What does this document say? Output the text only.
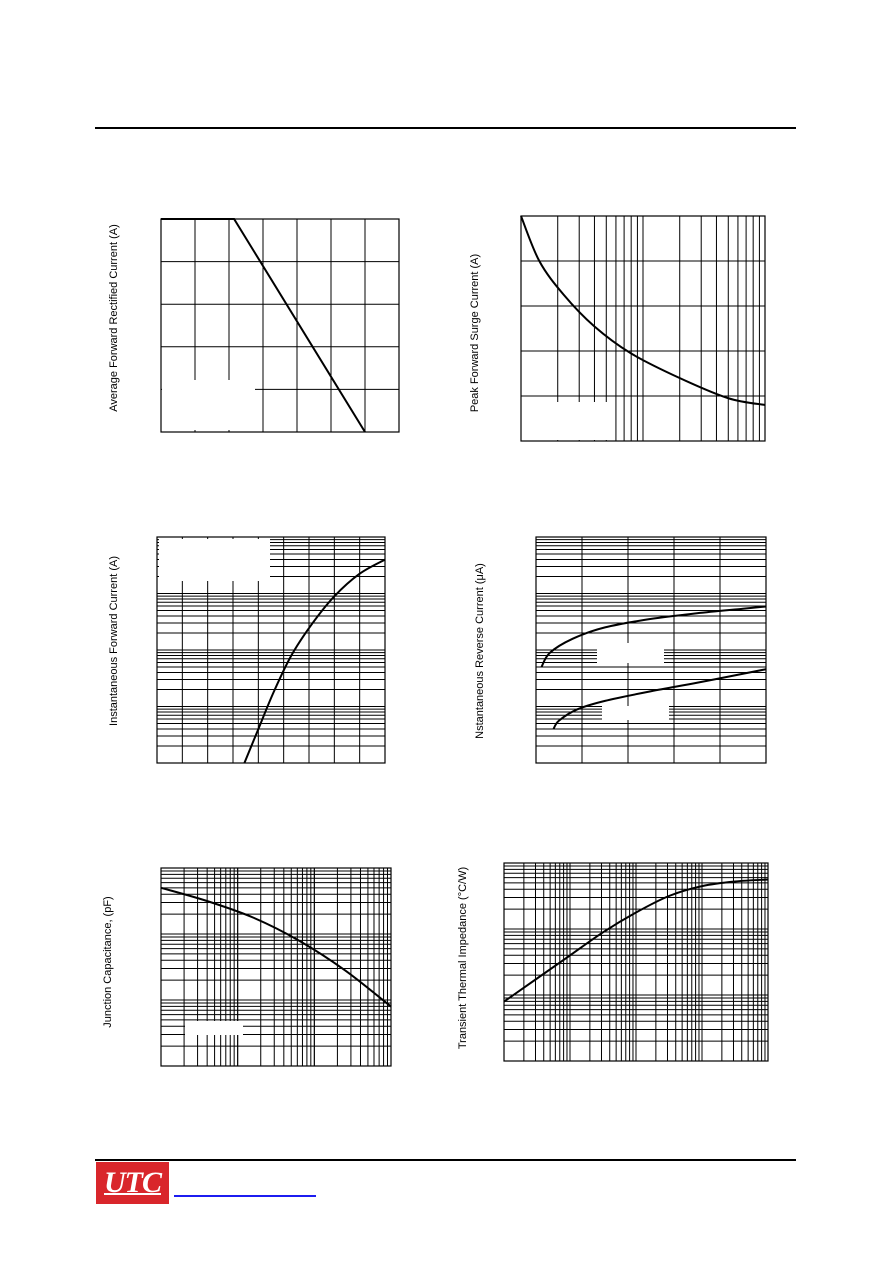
Average Forward Rectified Current (A)	Peak Forward Surge Current (A)
Instantaneous Forward Current (A)	Nstantaneous Reverse Current (μA)
Junction Capacitance, (pF)	Transient Thermal Impedance (°C/W)
UTC
